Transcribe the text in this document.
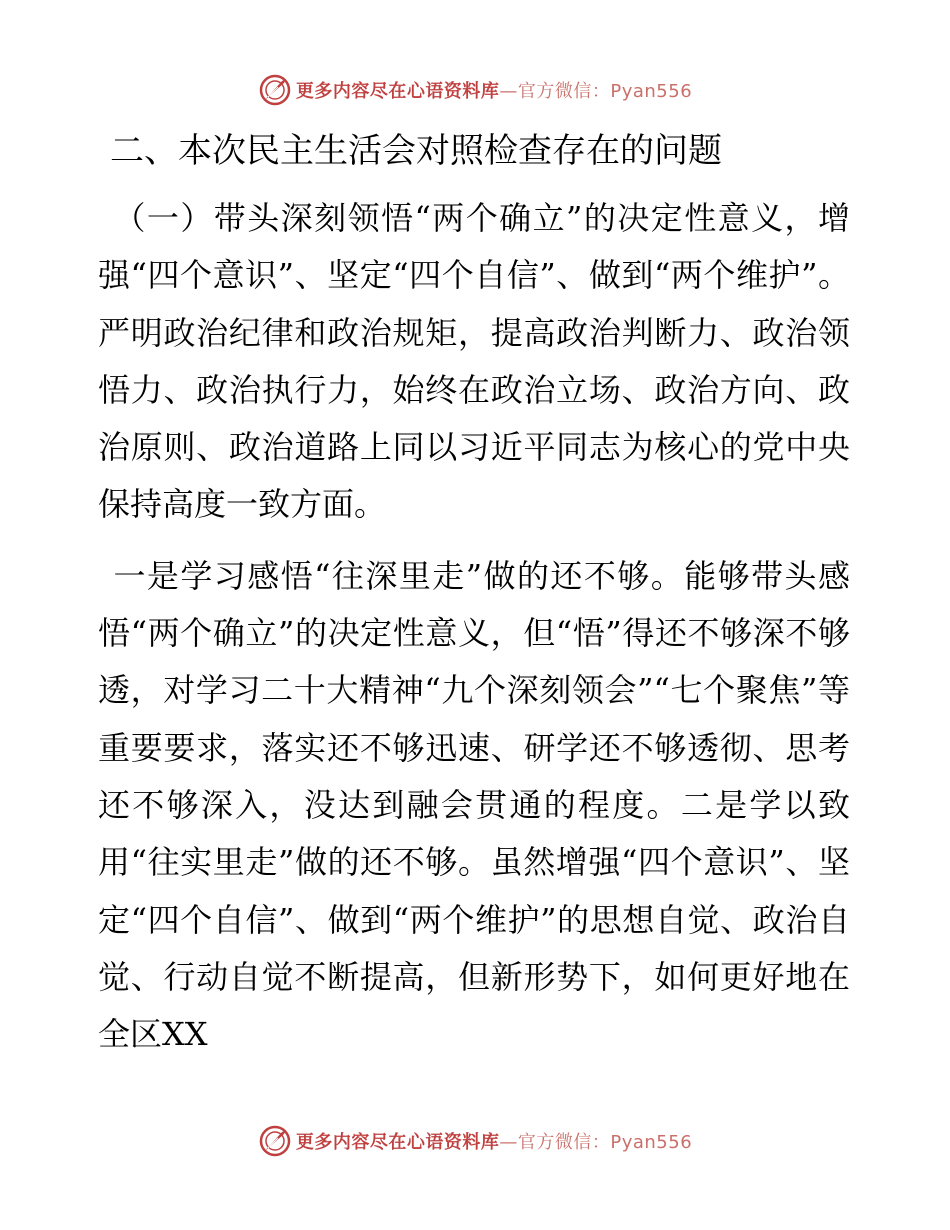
更多内容尽在心语资料库—官方微信：Pyan556
二、本次民主生活会对照检查存在的问题

（一）带头深刻领悟“两个确立”的决定性意义，增强“四个意识”、坚定“四个自信”、做到“两个维护”。严明政治纪律和政治规矩，提高政治判断力、政治领悟力、政治执行力，始终在政治立场、政治方向、政治原则、政治道路上同以习近平同志为核心的党中央保持高度一致方面。

一是学习感悟“往深里走”做的还不够。能够带头感悟“两个确立”的决定性意义，但“悟”得还不够深不够透，对学习二十大精神“九个深刻领会”“七个聚焦”等重要要求，落实还不够迅速、研学还不够透彻、思考还不够深入，没达到融会贯通的程度。二是学以致用“往实里走”做的还不够。虽然增强“四个意识”、坚定“四个自信”、做到“两个维护”的思想自觉、政治自觉、行动自觉不断提高，但新形势下，如何更好地在全区XX

更多内容尽在心语资料库—官方微信：Pyan556
